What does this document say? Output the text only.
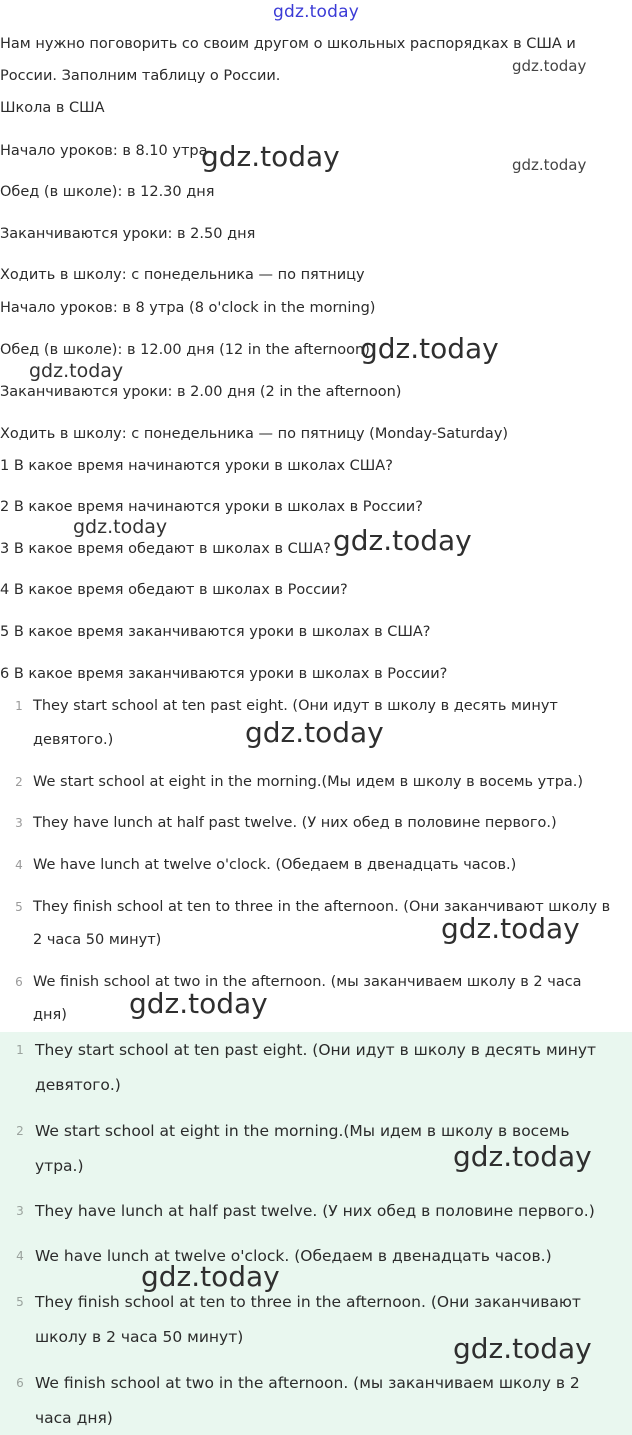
gdz.today

Нам нужно поговорить со своим другом о школьных распорядках в США и

России. Заполним таблицу о России.

Школа в США

Начало уроков: в 8.10 утра

Обед (в школе): в 12.30 дня

Заканчиваются уроки: в 2.50 дня

Ходить в школу: с понедельника — по пятницу

Начало уроков: в 8 утра (8 o'clock in the morning)

Обед (в школе): в 12.00 дня (12 in the afternoon)

Заканчиваются уроки: в 2.00 дня (2 in the afternoon)

Ходить в школу: с понедельника — по пятницу (Monday-Saturday)

1 В какое время начинаются уроки в школах США?

2 В какое время начинаются уроки в школах в России?

3 В какое время обедают в школах в США?

4 В какое время обедают в школах в России?

5 В какое время заканчиваются уроки в школах в США?

6 В какое время заканчиваются уроки в школах в России?

1 They start school at ten past eight. (Они идут в школу в десять минут
девятого.)
2 We start school at eight in the morning.(Мы идем в школу в восемь утра.)
3 They have lunch at half past twelve. (У них обед в половине первого.)
4 We have lunch at twelve o'clock. (Обедаем в двенадцать часов.)
5 They finish school at ten to three in the afternoon. (Они заканчивают школу в
2 часа 50 минут)
6 We finish school at two in the afternoon. (мы заканчиваем школу в 2 часа
дня)
1 They start school at ten past eight. (Они идут в школу в десять минут
девятого.)
2 We start school at eight in the morning.(Мы идем в школу в восемь
утра.)
3 They have lunch at half past twelve. (У них обед в половине первого.)
4 We have lunch at twelve o'clock. (Обедаем в двенадцать часов.)
5 They finish school at ten to three in the afternoon. (Они заканчивают
школу в 2 часа 50 минут)
6 We finish school at two in the afternoon. (мы заканчиваем школу в 2
часа дня)
gdz.today
gdz.today	gdz.today
gdz.today
gdz.today
gdz.today	gdz.today
gdz.today
gdz.today
gdz.today
gdz.today
gdz.today
gdz.today
